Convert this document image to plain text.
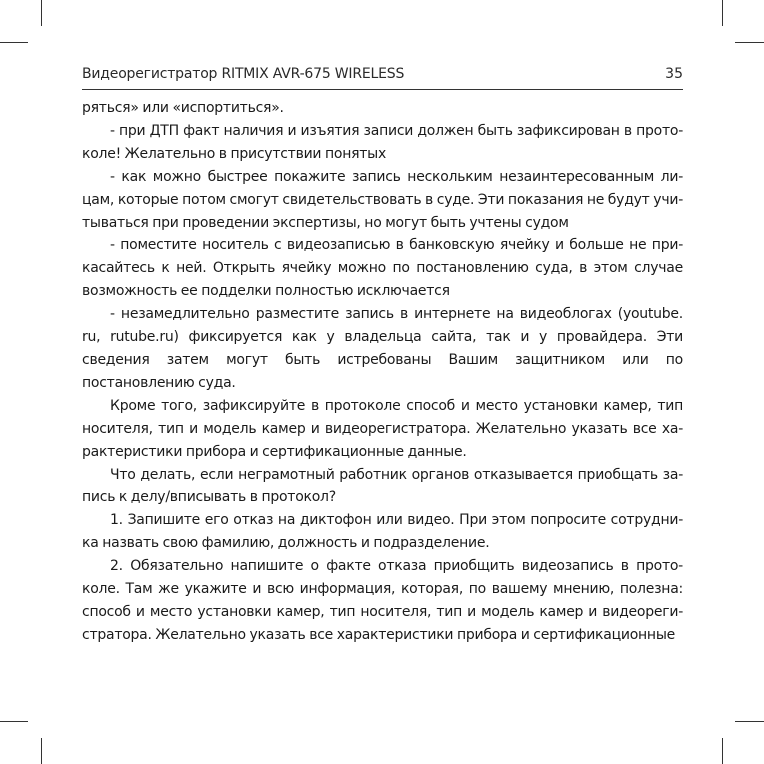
Видеорегистратор RITMIX AVR-675 WIRELESS	35

ряться» или «испортиться».

- при ДТП факт наличия и изъятия записи должен быть зафиксирован в прото- коле! Желательно в присутствии понятых

- как можно быстрее покажите запись нескольким незаинтересованным ли- цам, которые потом смогут свидетельствовать в суде. Эти показания не будут учи- тываться при проведении экспертизы, но могут быть учтены судом

- поместите носитель с видеозаписью в банковскую ячейку и больше не при- касайтесь к ней. Открыть ячейку можно по постановлению суда, в этом случае возможность ее подделки полностью исключается

- незамедлительно разместите запись в интернете на видеоблогах (youtube. ru, rutube.ru) фиксируется как у владельца сайта, так и у провайдера. Эти сведения затем могут быть истребованы Вашим защитником или по постановлению суда.

Кроме того, зафиксируйте в протоколе способ и место установки камер, тип носителя, тип и модель камер и видеорегистратора. Желательно указать все ха- рактеристики прибора и сертификационные данные.

Что делать, если неграмотный работник органов отказывается приобщать за- пись к делу/вписывать в протокол?

1. Запишите его отказ на диктофон или видео. При этом попросите сотрудни- ка назвать свою фамилию, должность и подразделение.

2. Обязательно напишите о факте отказа приобщить видеозапись в прото- коле. Там же укажите и всю информация, которая, по вашему мнению, полезна: способ и место установки камер, тип носителя, тип и модель камер и видеореги- стратора. Желательно указать все характеристики прибора и сертификационные
